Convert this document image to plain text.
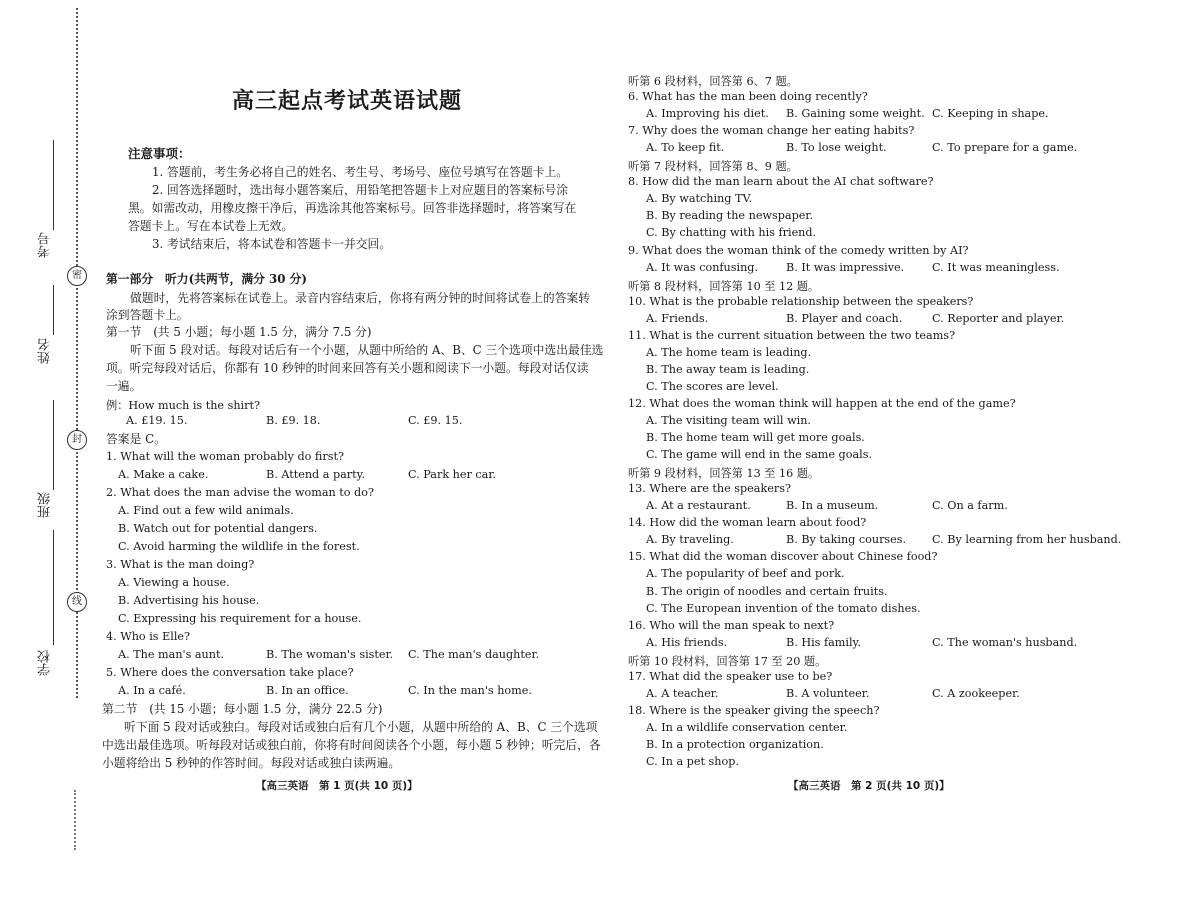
考号
密
姓名
封
班级
线
学校
高三起点考试英语试题
注意事项：
1. 答题前，考生务必将自己的姓名、考生号、考场号、座位号填写在答题卡上。
2. 回答选择题时，选出每小题答案后，用铅笔把答题卡上对应题目的答案标号涂
黑。如需改动，用橡皮擦干净后，再选涂其他答案标号。回答非选择题时，将答案写在
答题卡上。写在本试卷上无效。
3. 考试结束后，将本试卷和答题卡一并交回。
第一部分　听力(共两节，满分 30 分)
做题时，先将答案标在试卷上。录音内容结束后，你将有两分钟的时间将试卷上的答案转
涂到答题卡上。
第一节　(共 5 小题；每小题 1.5 分，满分 7.5 分)
听下面 5 段对话。每段对话后有一个小题，从题中所给的 A、B、C 三个选项中选出最佳选
项。听完每段对话后，你都有 10 秒钟的时间来回答有关小题和阅读下一小题。每段对话仅读
一遍。
例：How much is the shirt?
A. £19. 15.	B. £9. 18.	C. £9. 15.
答案是 C。
1. What will the woman probably do first?
A. Make a cake.	B. Attend a party.	C. Park her car.
2. What does the man advise the woman to do?
A. Find out a few wild animals.
B. Watch out for potential dangers.
C. Avoid harming the wildlife in the forest.
3. What is the man doing?
A. Viewing a house.
B. Advertising his house.
C. Expressing his requirement for a house.
4. Who is Elle?
A. The man's aunt.	B. The woman's sister. C. The man's daughter.
5. Where does the conversation take place?
A. In a café.	B. In an office.	C. In the man's home.
第二节　(共 15 小题；每小题 1.5 分，满分 22.5 分)
听下面 5 段对话或独白。每段对话或独白后有几个小题，从题中所给的 A、B、C 三个选项
中选出最佳选项。听每段对话或独白前，你将有时间阅读各个小题，每小题 5 秒钟；听完后，各
小题将给出 5 秒钟的作答时间。每段对话或独白读两遍。
【高三英语　第 1 页(共 10 页)】
听第 6 段材料，回答第 6、7 题。
6. What has the man been doing recently?
A. Improving his diet. B. Gaining some weight. C. Keeping in shape.
7. Why does the woman change her eating habits?
A. To keep fit.	B. To lose weight.	C. To prepare for a game.
听第 7 段材料，回答第 8、9 题。
8. How did the man learn about the AI chat software?
A. By watching TV.
B. By reading the newspaper.
C. By chatting with his friend.
9. What does the woman think of the comedy written by AI?
A. It was confusing. B. It was impressive. C. It was meaningless.
听第 8 段材料，回答第 10 至 12 题。
10. What is the probable relationship between the speakers?
A. Friends.	B. Player and coach.	C. Reporter and player.
11. What is the current situation between the two teams?
A. The home team is leading.
B. The away team is leading.
C. The scores are level.
12. What does the woman think will happen at the end of the game?
A. The visiting team will win.
B. The home team will get more goals.
C. The game will end in the same goals.
听第 9 段材料，回答第 13 至 16 题。
13. Where are the speakers?
A. At a restaurant.	B. In a museum.	C. On a farm.
14. How did the woman learn about food?
A. By traveling.	B. By taking courses. C. By learning from her husband.
15. What did the woman discover about Chinese food?
A. The popularity of beef and pork.
B. The origin of noodles and certain fruits.
C. The European invention of the tomato dishes.
16. Who will the man speak to next?
A. His friends.	B. His family.	C. The woman's husband.
听第 10 段材料，回答第 17 至 20 题。
17. What did the speaker use to be?
A. A teacher.	B. A volunteer.	C. A zookeeper.
18. Where is the speaker giving the speech?
A. In a wildlife conservation center.
B. In a protection organization.
C. In a pet shop.
【高三英语　第 2 页(共 10 页)】
